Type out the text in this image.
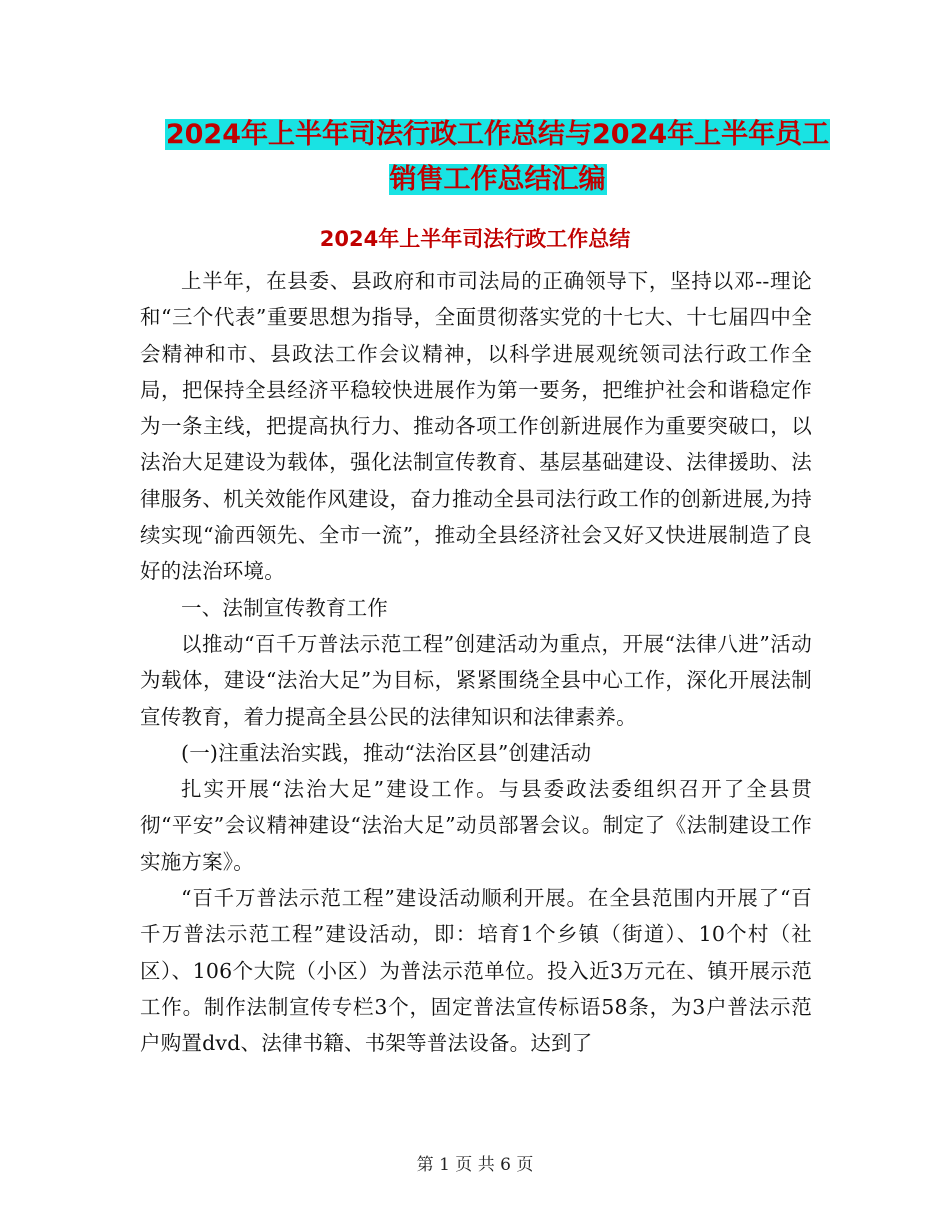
2024年上半年司法行政工作总结与2024年上半年员工
销售工作总结汇编
2024年上半年司法行政工作总结

上半年，在县委、县政府和市司法局的正确领导下，坚持以邓--理论和“三个代表”重要思想为指导，全面贯彻落实党的十七大、十七届四中全会精神和市、县政法工作会议精神，以科学进展观统领司法行政工作全局，把保持全县经济平稳较快进展作为第一要务，把维护社会和谐稳定作为一条主线，把提高执行力、推动各项工作创新进展作为重要突破口，以法治大足建设为载体，强化法制宣传教育、基层基础建设、法律援助、法律服务、机关效能作风建设，奋力推动全县司法行政工作的创新进展,为持续实现“渝西领先、全市一流”，推动全县经济社会又好又快进展制造了良好的法治环境。

一、法制宣传教育工作

以推动“百千万普法示范工程”创建活动为重点，开展“法律八进”活动为载体，建设“法治大足”为目标，紧紧围绕全县中心工作，深化开展法制宣传教育，着力提高全县公民的法律知识和法律素养。

(一)注重法治实践，推动“法治区县”创建活动

扎实开展“法治大足”建设工作。与县委政法委组织召开了全县贯彻“平安”会议精神建设“法治大足”动员部署会议。制定了《法制建设工作实施方案》。

“百千万普法示范工程”建设活动顺利开展。在全县范围内开展了“百千万普法示范工程”建设活动，即：培育1个乡镇（街道）、10个村（社区）、106个大院（小区）为普法示范单位。投入近3万元在、镇开展示范工作。制作法制宣传专栏3个，固定普法宣传标语58条，为3户普法示范户购置dvd、法律书籍、书架等普法设备。达到了

第 1 页 共 6 页
